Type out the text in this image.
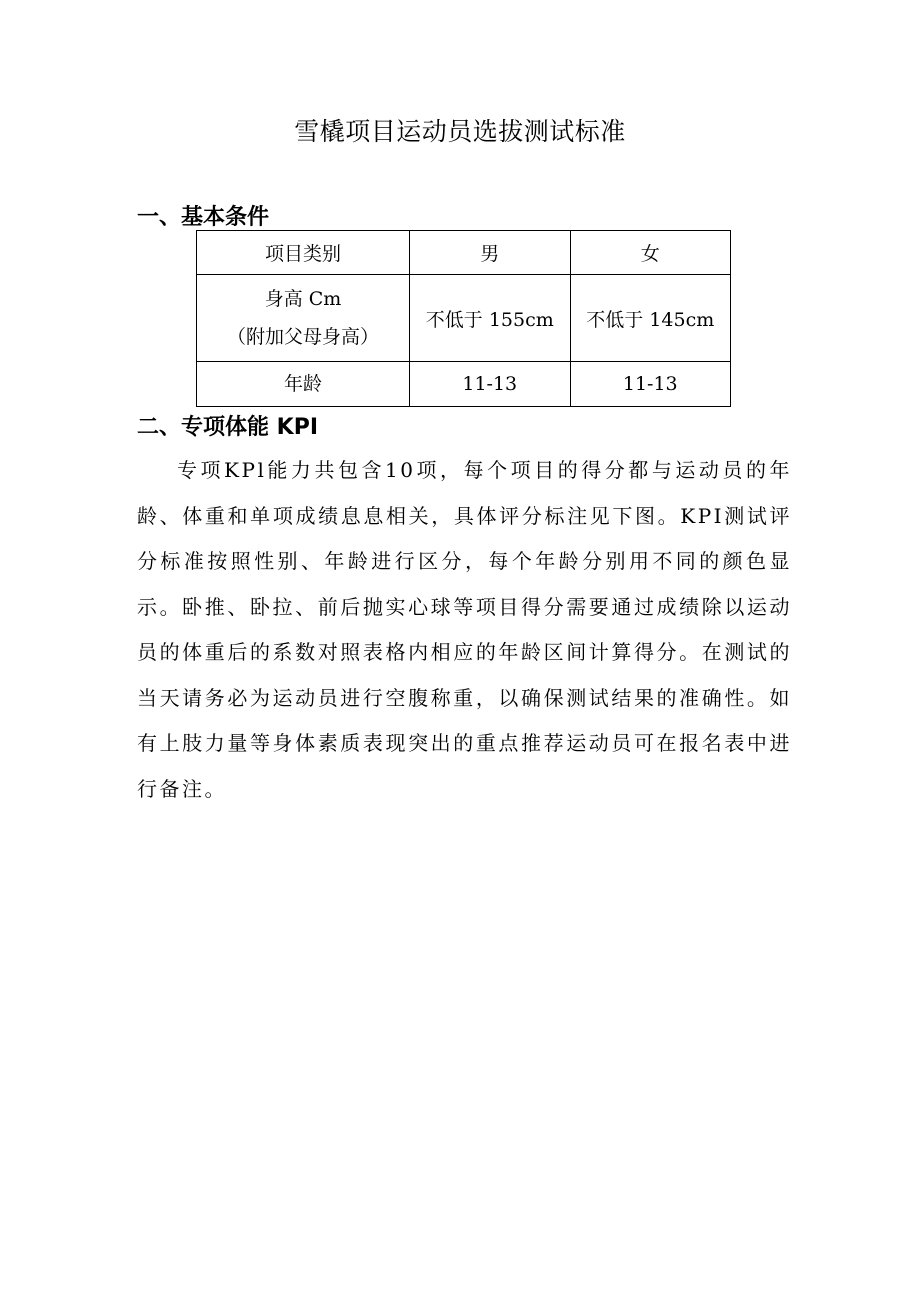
雪橇项目运动员选拔测试标准
一、基本条件
项目类别	男	女

身高 Cm
（附加父母身高）	不低于 155cm	不低于 145cm

年龄	11-13	11-13
二、专项体能 KPI

专项KPl能力共包含10项，每个项目的得分都与运动员的年龄、体重和单项成绩息息相关，具体评分标注见下图。KPI测试评分标准按照性别、年龄进行区分，每个年龄分别用不同的颜色显示。卧推、卧拉、前后抛实心球等项目得分需要通过成绩除以运动员的体重后的系数对照表格内相应的年龄区间计算得分。在测试的当天请务必为运动员进行空腹称重，以确保测试结果的准确性。如有上肢力量等身体素质表现突出的重点推荐运动员可在报名表中进行备注。
